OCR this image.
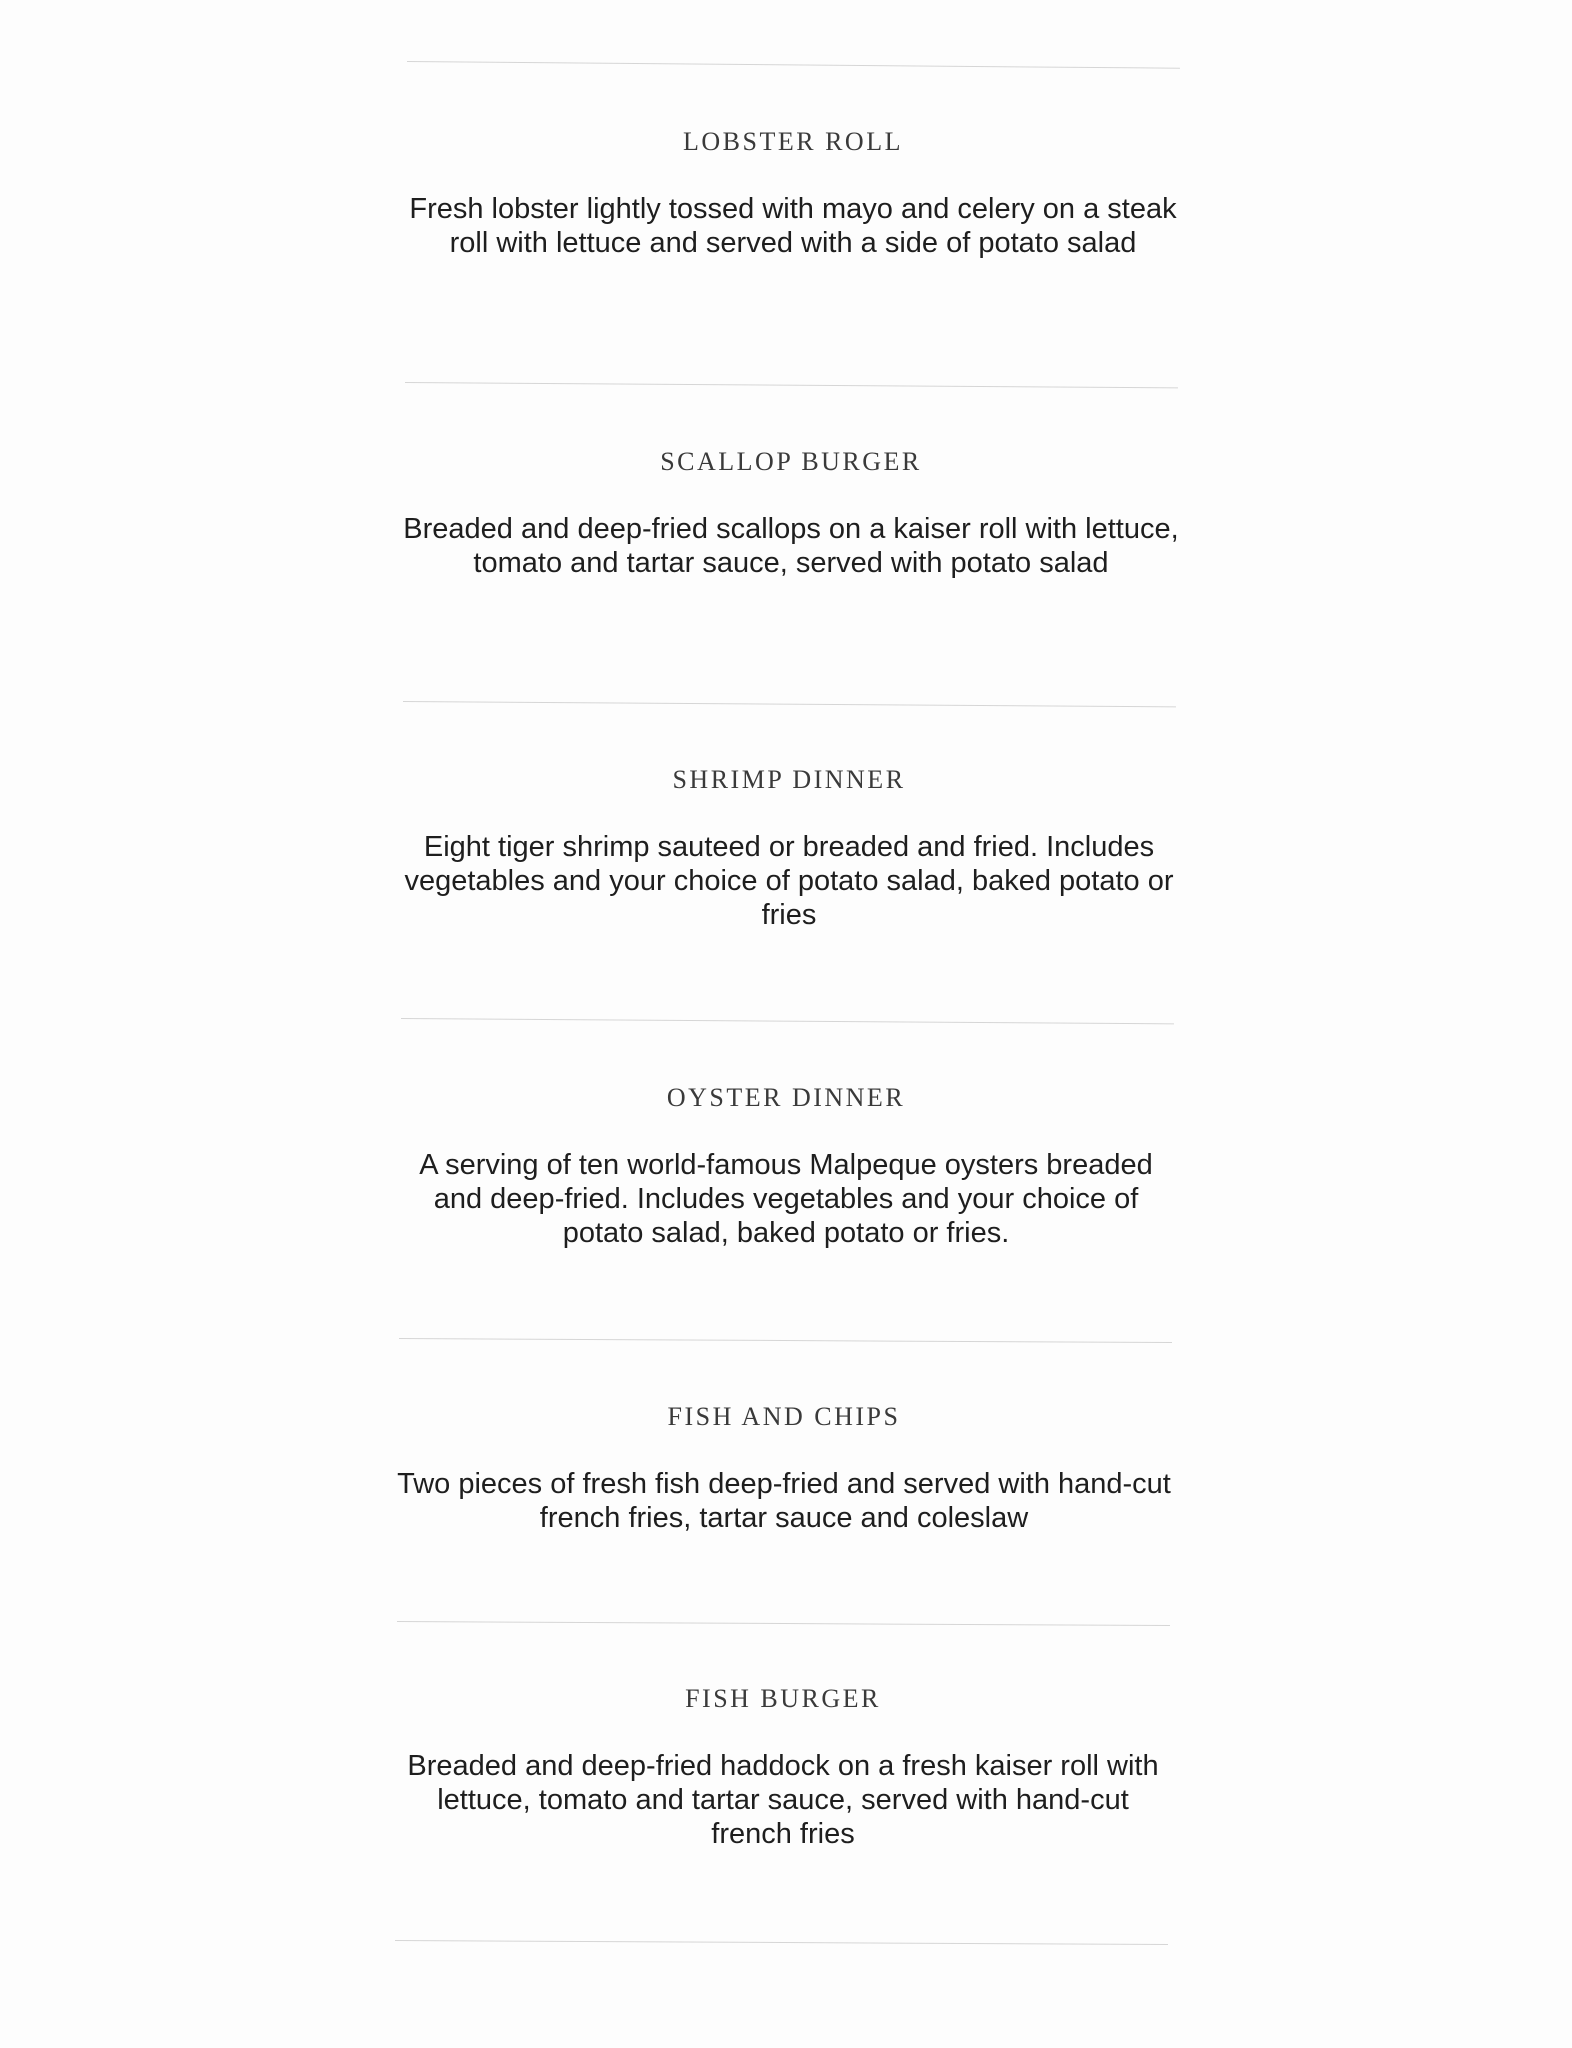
LOBSTER ROLL
Fresh lobster lightly tossed with mayo and celery on a steak roll with lettuce and served with a side of potato salad
SCALLOP BURGER
Breaded and deep-fried scallops on a kaiser roll with lettuce, tomato and tartar sauce, served with potato salad
SHRIMP DINNER
Eight tiger shrimp sauteed or breaded and fried. Includes vegetables and your choice of potato salad, baked potato or fries
OYSTER DINNER
A serving of ten world-famous Malpeque oysters breaded and deep-fried. Includes vegetables and your choice of potato salad, baked potato or fries.
FISH AND CHIPS
Two pieces of fresh fish deep-fried and served with hand-cut french fries, tartar sauce and coleslaw
FISH BURGER
Breaded and deep-fried haddock on a fresh kaiser roll with lettuce, tomato and tartar sauce, served with hand-cut french fries
